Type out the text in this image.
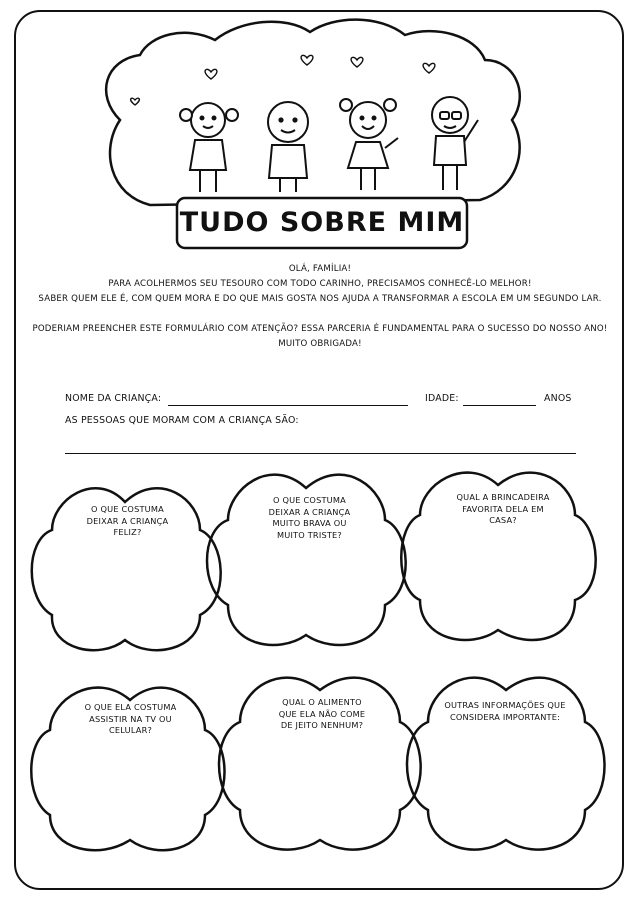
TUDO SOBRE MIM
OLÁ, FAMÍLIA!
PARA ACOLHERMOS SEU TESOURO COM TODO CARINHO, PRECISAMOS CONHECÊ-LO MELHOR!
SABER QUEM ELE É, COM QUEM MORA E DO QUE MAIS GOSTA NOS AJUDA A TRANSFORMAR A ESCOLA EM UM SEGUNDO LAR.
PODERIAM PREENCHER ESTE FORMULÁRIO COM ATENÇÃO? ESSA PARCERIA É FUNDAMENTAL PARA O SUCESSO DO NOSSO ANO!
MUITO OBRIGADA!
NOME DA CRIANÇA:	IDADE:	ANOS
AS PESSOAS QUE MORAM COM A CRIANÇA SÃO:
O QUE COSTUMA DEIXAR A CRIANÇA FELIZ?
O QUE COSTUMA DEIXAR A CRIANÇA MUITO BRAVA OU MUITO TRISTE?
QUAL A BRINCADEIRA FAVORITA DELA EM CASA?
O QUE ELA COSTUMA ASSISTIR NA TV OU CELULAR?
QUAL O ALIMENTO QUE ELA NÃO COME DE JEITO NENHUM?
OUTRAS INFORMAÇÕES QUE CONSIDERA IMPORTANTE:
